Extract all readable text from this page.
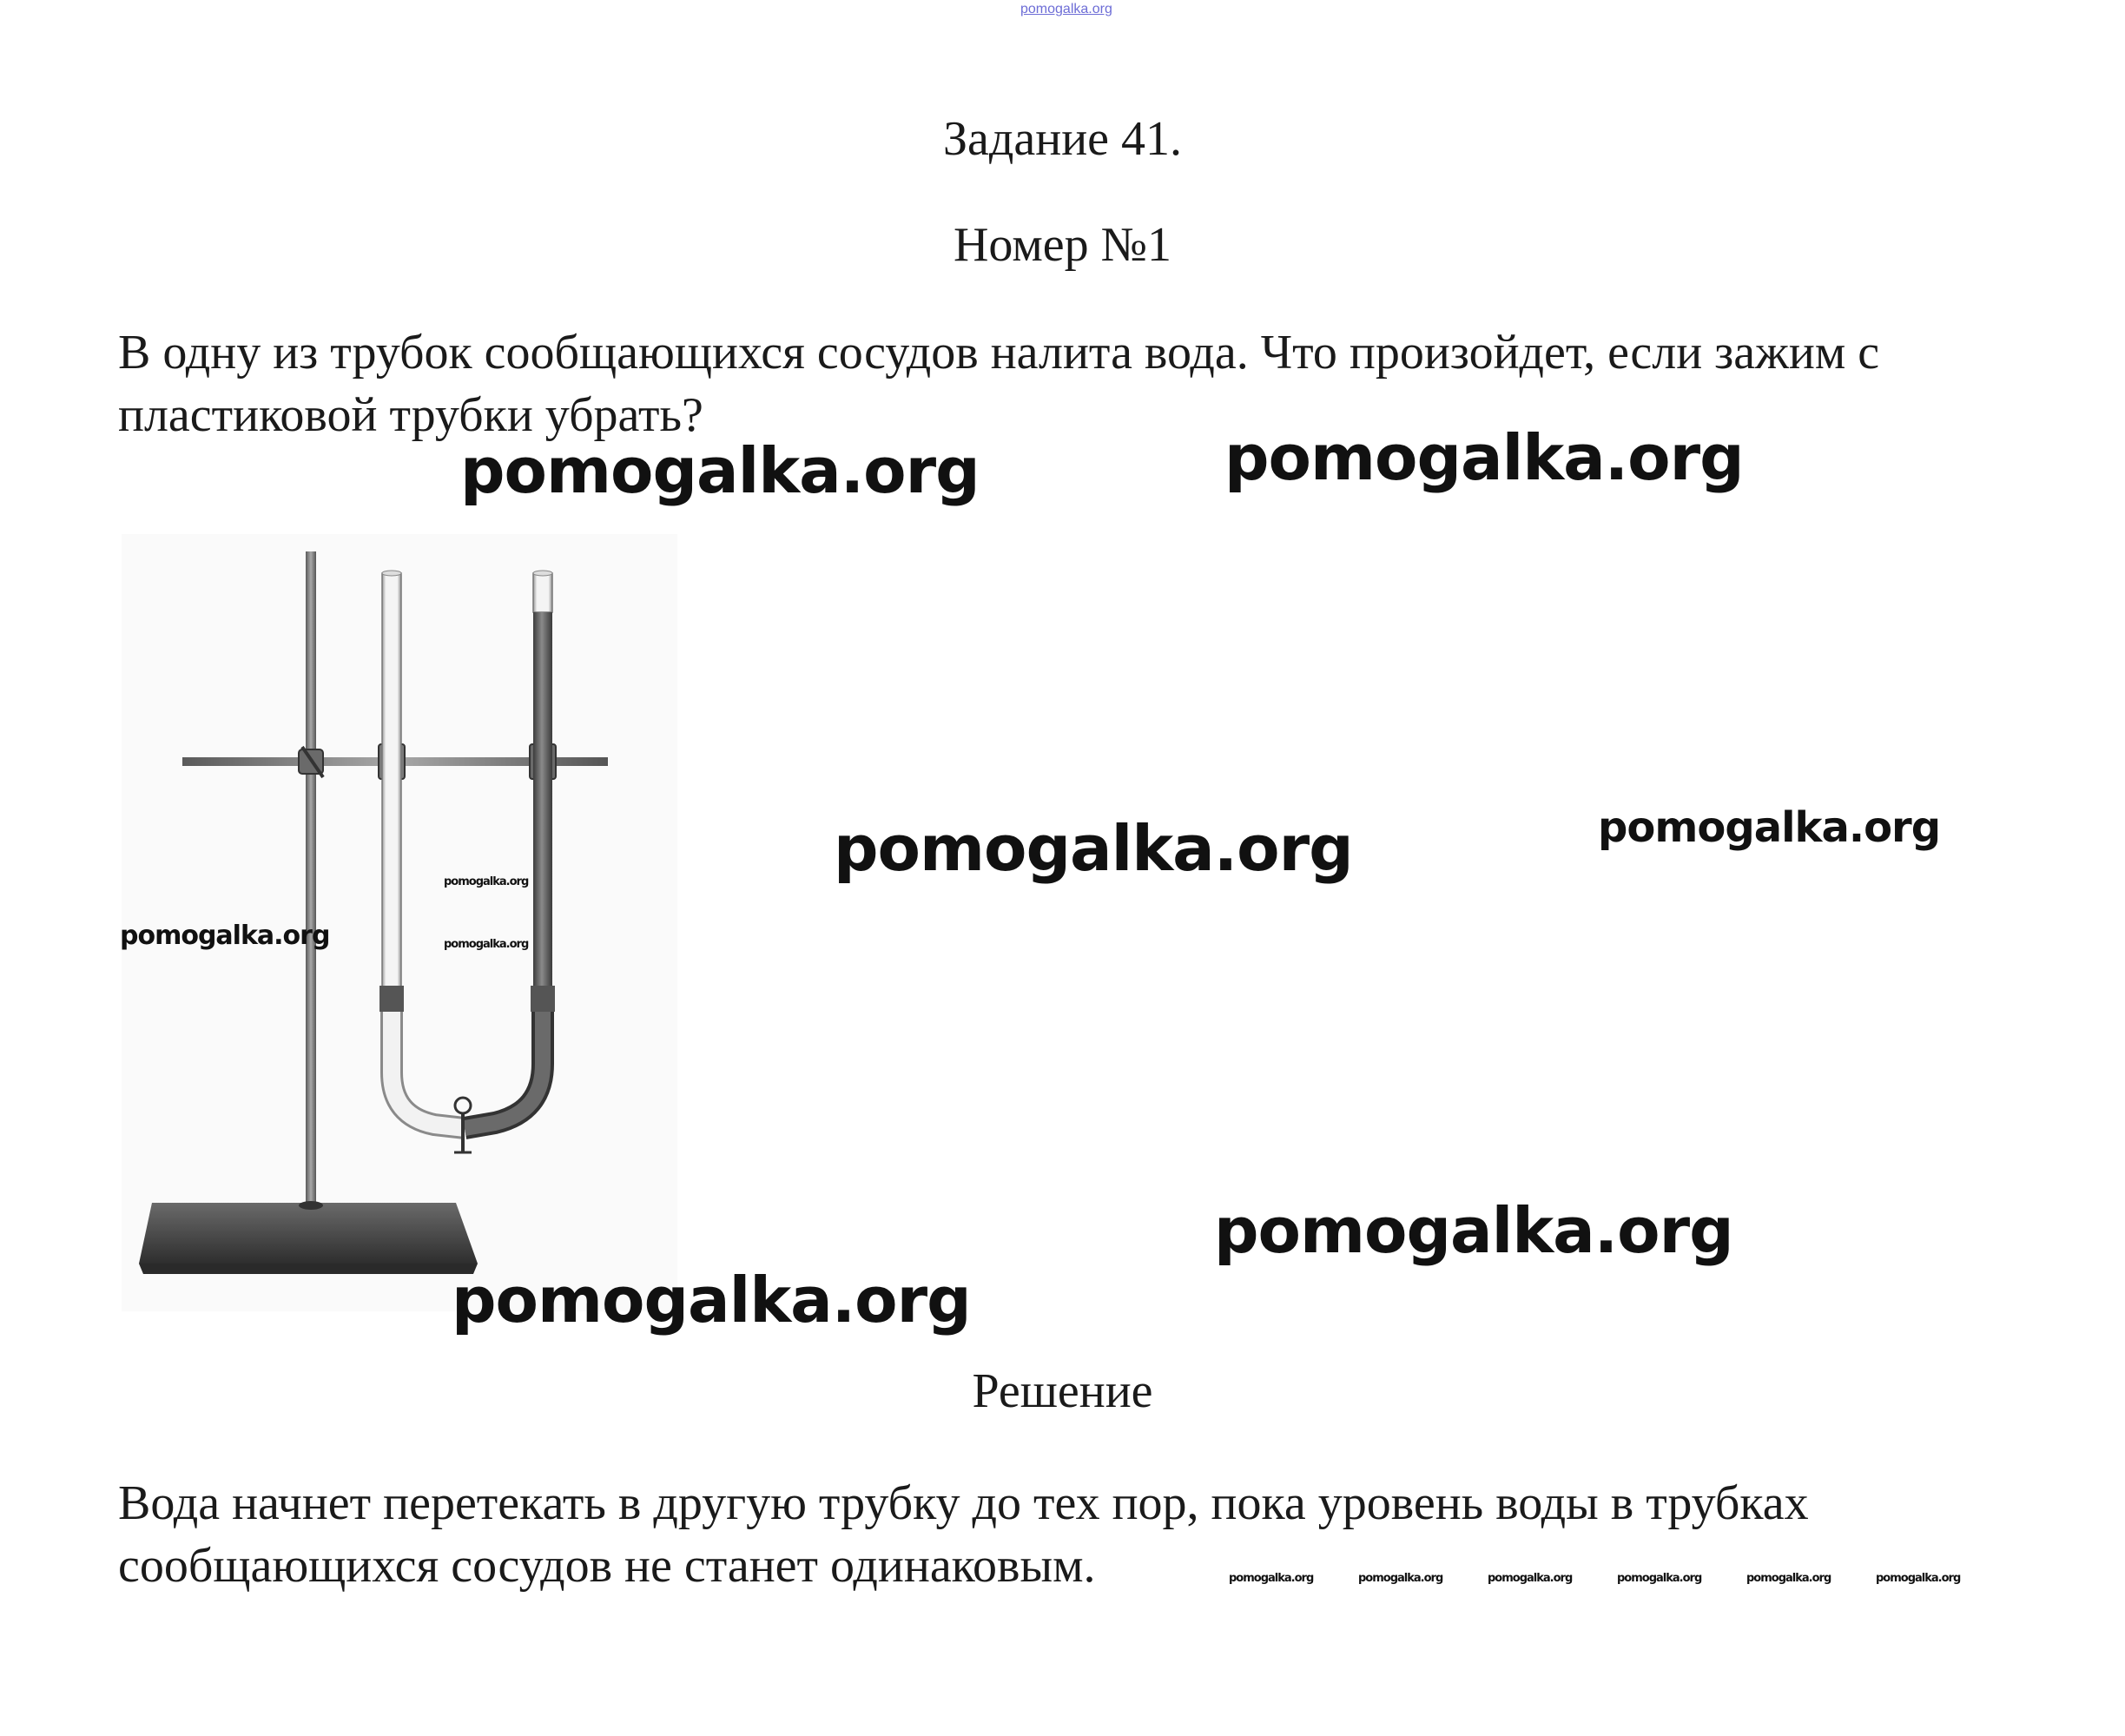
pomogalka.org
Задание 41.
Номер №1
В одну из трубок сообщающихся сосудов налита вода. Что произойдет, если зажим с
пластиковой трубки убрать?
pomogalka.org	pomogalka.org
pomogalka.org	pomogalka.org
pomogalka.org
pomogalka.org
pomogalka.org
pomogalka.org
pomogalka.org
Решение
Вода начнет перетекать в другую трубку до тех пор, пока уровень воды в трубках
сообщающихся сосудов не станет одинаковым.	pomogalka.org	pomogalka.org	pomogalka.org	pomogalka.org	pomogalka.org	pomogalka.org
